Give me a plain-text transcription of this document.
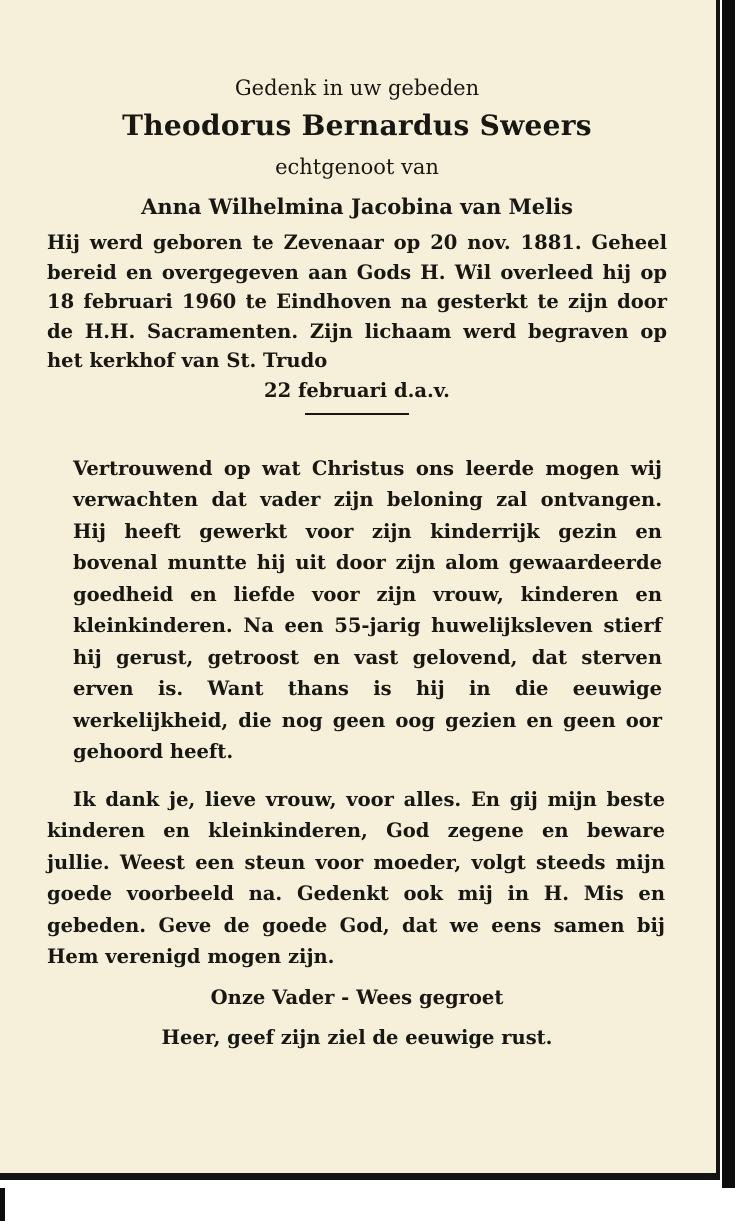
Gedenk in uw gebeden
Theodorus Bernardus Sweers
echtgenoot van
Anna Wilhelmina Jacobina van Melis

Hij werd geboren te Zevenaar op 20 nov. 1881. Geheel bereid en overgegeven aan Gods H. Wil overleed hij op 18 februari 1960 te Eindhoven na gesterkt te zijn door de H.H. Sacramenten. Zijn lichaam werd begraven op het kerkhof van St. Trudo

22 februari d.a.v.

Vertrouwend op wat Christus ons leerde mogen wij verwachten dat vader zijn beloning zal ontvangen. Hij heeft gewerkt voor zijn kinderrijk gezin en bovenal muntte hij uit door zijn alom gewaardeerde goedheid en liefde voor zijn vrouw, kinderen en kleinkinderen. Na een 55-jarig huwelijksleven stierf hij gerust, getroost en vast gelovend, dat sterven erven is. Want thans is hij in die eeuwige werkelijkheid, die nog geen oog gezien en geen oor gehoord heeft.

Ik dank je, lieve vrouw, voor alles. En gij mijn beste kinderen en kleinkinderen, God zegene en beware jullie. Weest een steun voor moeder, volgt steeds mijn goede voorbeeld na. Gedenkt ook mij in H. Mis en gebeden. Geve de goede God, dat we eens samen bij Hem verenigd mogen zijn.

Onze Vader - Wees gegroet
Heer, geef zijn ziel de eeuwige rust.
